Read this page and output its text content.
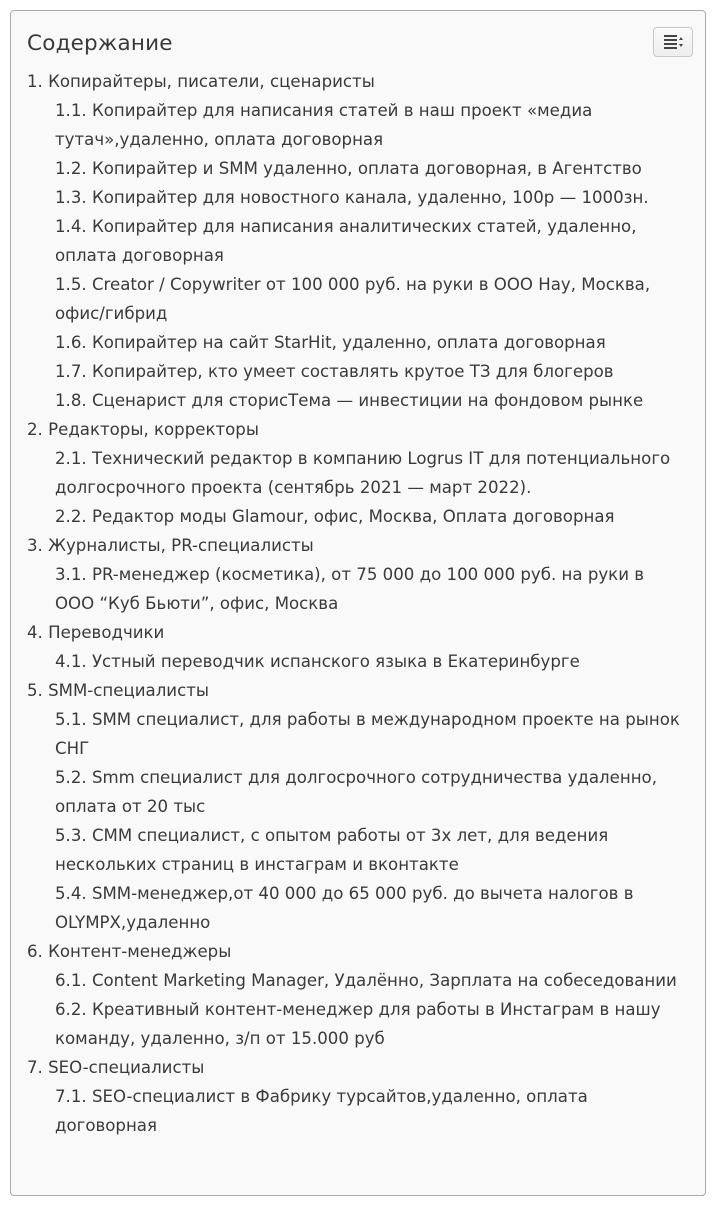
Содержание
1. Копирайтеры, писатели, сценаристы
1.1. Копирайтер для написания статей в наш проект «медиа тутач»,удаленно, оплата договорная
1.2. Копирайтер и SMM удаленно, оплата договорная, в Агентство
1.3. Копирайтер для новостного канала, удаленно, 100р — 1000зн.
1.4. Копирайтер для написания аналитических статей, удаленно, оплата договорная
1.5. Creator / Copywriter от 100 000 руб. на руки в ООО Нау, Москва, офис/гибрид
1.6. Копирайтер на сайт StarHit, удаленно, оплата договорная
1.7. Копирайтер, кто умеет составлять крутое ТЗ для блогеров
1.8. Сценарист для сторисТема — инвестиции на фондовом рынке
2. Редакторы, корректоры
2.1. Технический редактор в компанию Logrus IT для потенциального долгосрочного проекта (сентябрь 2021 — март 2022).
2.2. Редактор моды Glamour, офис, Москва, Оплата договорная
3. Журналисты, PR-специалисты
3.1. PR-менеджер (косметика), от 75 000 до 100 000 руб. на руки в ООО “Куб Бьюти”, офис, Москва
4. Переводчики
4.1. Устный переводчик испанского языка в Екатеринбурге
5. SMM-специалисты
5.1. SMM специалист, для работы в международном проекте на рынок СНГ
5.2. Smm специалист для долгосрочного сотрудничества удаленно, оплата от 20 тыс
5.3. СММ специалист, с опытом работы от 3х лет, для ведения нескольких страниц в инстаграм и вконтакте
5.4. SMM-менеджер,от 40 000 до 65 000 руб. до вычета налогов в OLYMPX,удаленно
6. Контент-менеджеры
6.1. Content Marketing Manager, Удалённо, Зарплата на собеседовании
6.2. Креативный контент-менеджер для работы в Инстаграм в нашу команду, удаленно, з/п от 15.000 руб
7. SEO-специалисты
7.1. SEO-специалист в Фабрику турсайтов,удаленно, оплата договорная
